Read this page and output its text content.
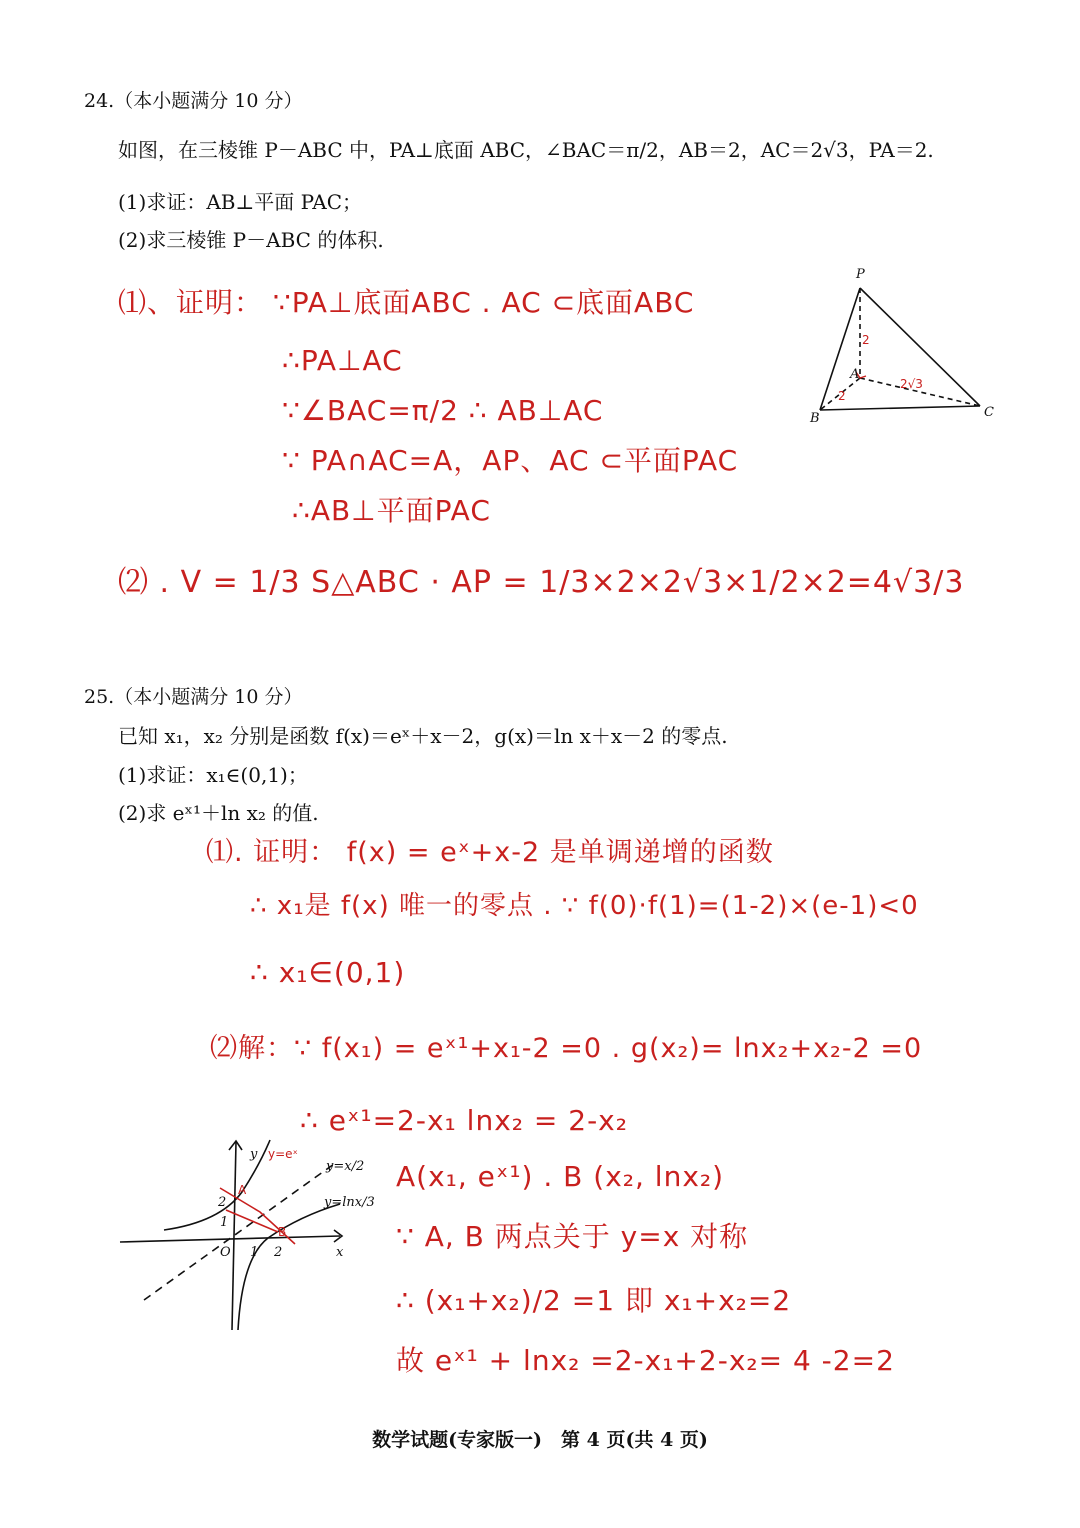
24.（本小题满分 10 分）
如图，在三棱锥 P－ABC 中，PA⊥底面 ABC，∠BAC＝π/2，AB＝2，AC＝2√3，PA＝2.
(1)求证：AB⊥平面 PAC；
(2)求三棱锥 P－ABC 的体积.
⑴、证明： ∵PA⊥底面ABC . AC ⊂底面ABC
∴PA⊥AC
∵∠BAC=π/2 ∴ AB⊥AC
∵ PA∩AC=A，AP、AC ⊂平面PAC
∴AB⊥平面PAC
⑵ . V = 1/3 S△ABC · AP = 1/3×2×2√3×1/2×2=4√3/3
P
A
B	C
2
2
2√3
25.（本小题满分 10 分）
已知 x₁，x₂ 分别是函数 f(x)＝eˣ＋x－2，g(x)＝ln x＋x－2 的零点.
(1)求证：x₁∈(0,1)；
(2)求 eˣ¹＋ln x₂ 的值.
⑴. 证明： f(x) = eˣ+x-2 是单调递增的函数
∴ x₁是 f(x) 唯一的零点 . ∵ f(0)·f(1)=(1-2)×(e-1)<0
∴ x₁∈(0,1)
⑵解：∵ f(x₁) = eˣ¹+x₁-2 =0 . g(x₂)= lnx₂+x₂-2 =0
∴ eˣ¹=2-x₁ lnx₂ = 2-x₂
A(x₁, eˣ¹) . B (x₂, lnx₂)
∵ A, B 两点关于 y=x 对称
∴ (x₁+x₂)/2 =1 即 x₁+x₂=2
故 eˣ¹ + lnx₂ =2-x₁+2-x₂= 4 -2=2
y y=eˣ
y=x/2
y=lnx/3
A
B
2
1
O 1 2	x
数学试题(专家版一)　第 4 页(共 4 页)
